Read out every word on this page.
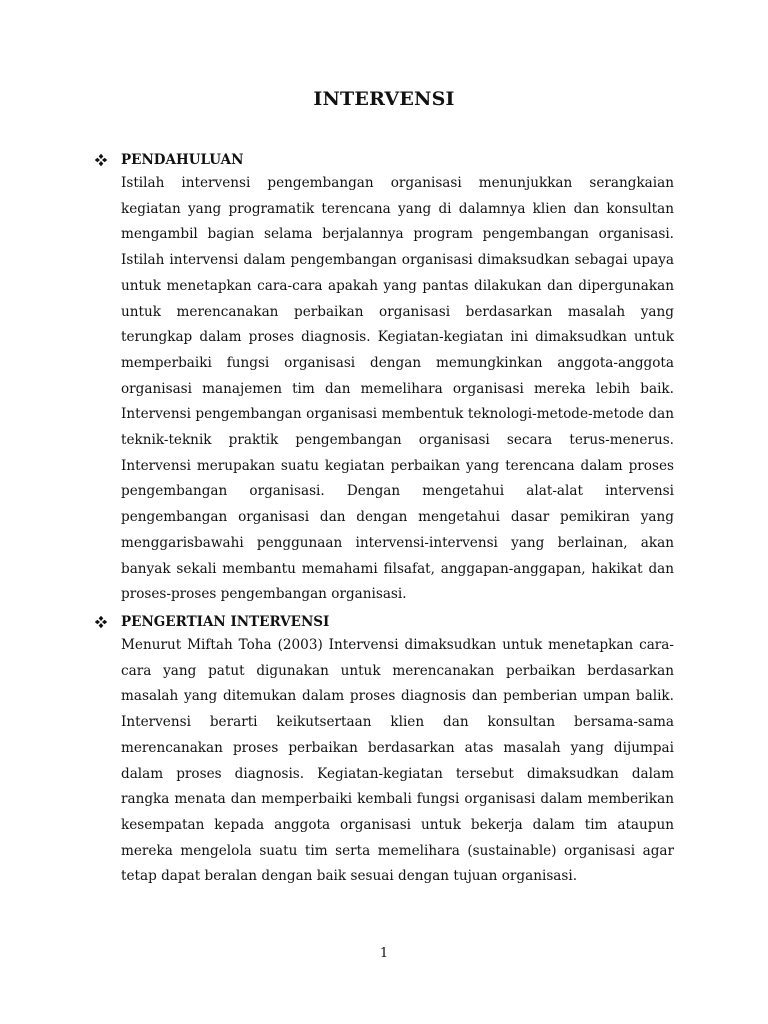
INTERVENSI
PENDAHULUAN

Istilah intervensi pengembangan organisasi menunjukkan serangkaian kegiatan yang programatik terencana yang di dalamnya klien dan konsultan mengambil bagian selama berjalannya program pengembangan organisasi. Istilah intervensi dalam pengembangan organisasi dimaksudkan sebagai upaya untuk menetapkan cara-cara apakah yang pantas dilakukan dan dipergunakan untuk merencanakan perbaikan organisasi berdasarkan masalah yang terungkap dalam proses diagnosis. Kegiatan-kegiatan ini dimaksudkan untuk memperbaiki fungsi organisasi dengan memungkinkan anggota-anggota organisasi manajemen tim dan memelihara organisasi mereka lebih baik. Intervensi pengembangan organisasi membentuk teknologi-metode-metode dan teknik-teknik praktik pengembangan organisasi secara terus-menerus. Intervensi merupakan suatu kegiatan perbaikan yang terencana dalam proses pengembangan organisasi. Dengan mengetahui alat-alat intervensi pengembangan organisasi dan dengan mengetahui dasar pemikiran yang menggarisbawahi penggunaan intervensi-intervensi yang berlainan, akan banyak sekali membantu memahami filsafat, anggapan-anggapan, hakikat dan proses-proses pengembangan organisasi.

PENGERTIAN INTERVENSI

Menurut Miftah Toha (2003) Intervensi dimaksudkan untuk menetapkan cara-cara yang patut digunakan untuk merencanakan perbaikan berdasarkan masalah yang ditemukan dalam proses diagnosis dan pemberian umpan balik. Intervensi berarti keikutsertaan klien dan konsultan bersama-sama merencanakan proses perbaikan berdasarkan atas masalah yang dijumpai dalam proses diagnosis. Kegiatan-kegiatan tersebut dimaksudkan dalam rangka menata dan memperbaiki kembali fungsi organisasi dalam memberikan kesempatan kepada anggota organisasi untuk bekerja dalam tim ataupun mereka mengelola suatu tim serta memelihara (sustainable) organisasi agar tetap dapat beralan dengan baik sesuai dengan tujuan organisasi.

1
